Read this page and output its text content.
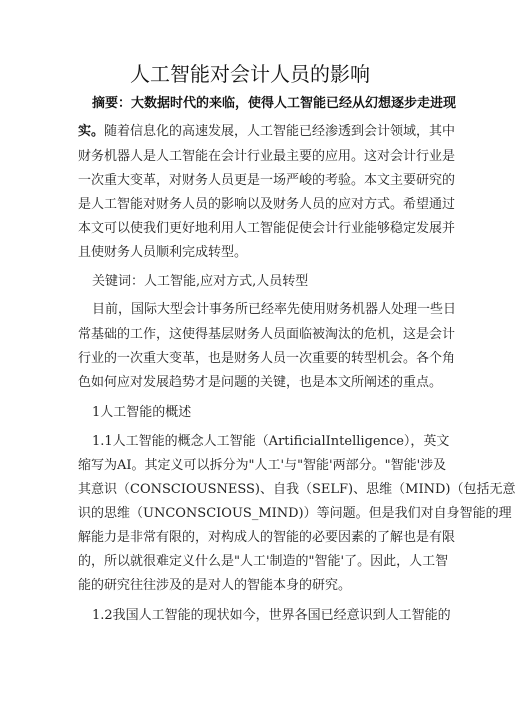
人工智能对会计人员的影响
摘要：大数据时代的来临，使得人工智能已经从幻想逐步走进现
实。随着信息化的高速发展，人工智能已经渗透到会计领域，其中
财务机器人是人工智能在会计行业最主要的应用。这对会计行业是
一次重大变革，对财务人员更是一场严峻的考验。本文主要研究的
是人工智能对财务人员的影响以及财务人员的应对方式。希望通过
本文可以使我们更好地利用人工智能促使会计行业能够稳定发展并
且使财务人员顺利完成转型。
关键词：人工智能,应对方式,人员转型
目前，国际大型会计事务所已经率先使用财务机器人处理一些日
常基础的工作，这使得基层财务人员面临被淘汰的危机，这是会计
行业的一次重大变革，也是财务人员一次重要的转型机会。各个角
色如何应对发展趋势才是问题的关键，也是本文所阐述的重点。
1人工智能的概述
1.1人工智能的概念人工智能（ArtificialIntelligence），英文
缩写为AI。其定义可以拆分为"人工'与"智能'两部分。"智能'涉及
其意识（CONSCIOUSNESS)、自我（SELF)、思维（MIND)（包括无意
识的思维（UNCONSCIOUS_MIND)）等问题。但是我们对自身智能的理
解能力是非常有限的，对构成人的智能的必要因素的了解也是有限
的，所以就很难定义什么是"人工'制造的"智能'了。因此，人工智
能的研究往往涉及的是对人的智能本身的研究。
1.2我国人工智能的现状如今，世界各国已经意识到人工智能的
